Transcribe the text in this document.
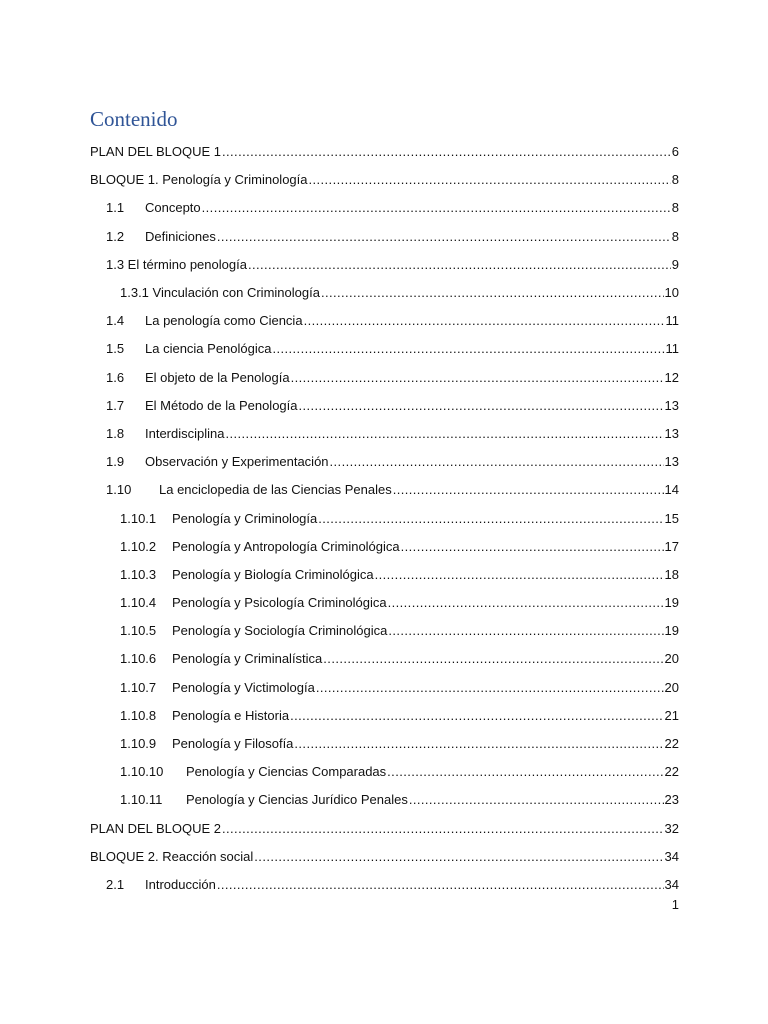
Contenido
PLAN DEL BLOQUE 1 .....	6
BLOQUE 1. Penología y Criminología .....	8
1.1	Concepto .....	8
1.2	Definiciones .....	8
1.3 El término penología .....	9
1.3.1 Vinculación con Criminología .....	10
1.4	La penología como Ciencia .....	11
1.5	La ciencia Penológica .....	11
1.6	El objeto de la Penología .....	12
1.7	El Método de la Penología .....	13
1.8	Interdisciplina .....	13
1.9	Observación y Experimentación .....	13
1.10	La enciclopedia de las Ciencias Penales .....	14
1.10.1	Penología y Criminología .....	15
1.10.2	Penología y Antropología Criminológica .....	17
1.10.3	Penología y Biología Criminológica .....	18
1.10.4	Penología y Psicología Criminológica .....	19
1.10.5	Penología y Sociología Criminológica .....	19
1.10.6	Penología y Criminalística .....	20
1.10.7	Penología y Victimología .....	20
1.10.8	Penología e Historia .....	21
1.10.9	Penología y Filosofía .....	22
1.10.10	Penología y Ciencias Comparadas .....	22
1.10.11	Penología y Ciencias Jurídico Penales .....	23
PLAN DEL BLOQUE 2 .....	32
BLOQUE 2. Reacción social .....	34
2.1	Introducción .....	34
1
